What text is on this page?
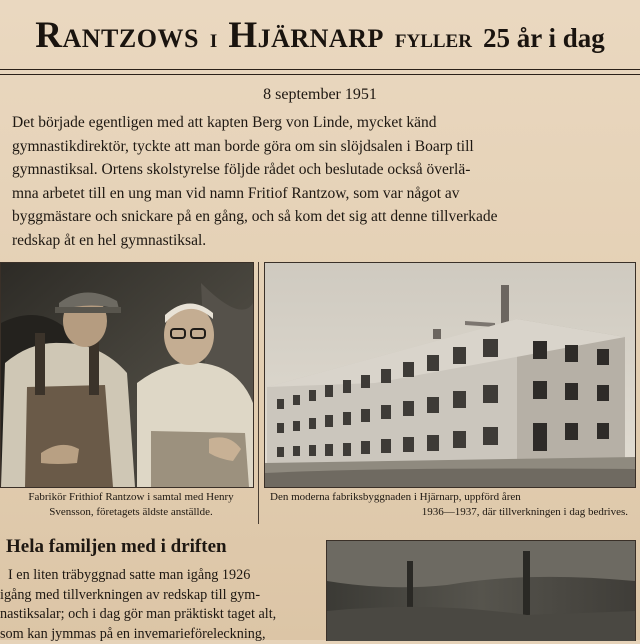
Rantzows i Hjärnarp fyller 25 år i dag
8 september 1951
Det började egentligen med att kapten Berg von Linde, mycket känd
gymnastikdirektör, tyckte att man borde göra om sin slöjdsalen i Boarp till
gymnastiksal. Ortens skolstyrelse följde rådet och beslutade också överlä-
mna arbetet till en ung man vid namn Fritiof Rantzow, som var något av
byggmästare och snickare på en gång, och så kom det sig att denne tillverkade
redskap åt en hel gymnastiksal.
Fabrikör Frithiof Rantzow i samtal med Henry
Svensson, företagets äldste anställde.
Den moderna fabriksbyggnaden i Hjärnarp, uppförd åren
1936—1937, där tillverkningen i dag bedrives.
Hela familjen med i driften
I en liten träbyggnad satte man igång 1926
igång med tillverkningen av redskap till gym-
nastiksalar; och i dag gör man präktiskt taget alt,
som kan jymmas på en invemarieföreleckning,
